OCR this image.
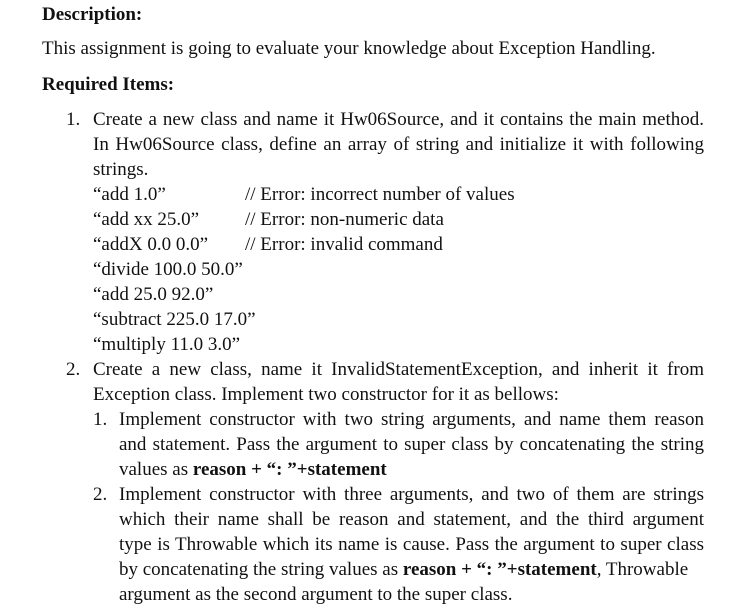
Description:
This assignment is going to evaluate your knowledge about Exception Handling.
Required Items:
1. Create a new class and name it Hw06Source, and it contains the main method.
In Hw06Source class, define an array of string and initialize it with following
strings.
“add 1.0”	// Error: incorrect number of values
“add xx 25.0” // Error: non-numeric data
“addX 0.0 0.0” // Error: invalid command
“divide 100.0 50.0”
“add 25.0 92.0”
“subtract 225.0 17.0”
“multiply 11.0 3.0”
2. Create a new class, name it InvalidStatementException, and inherit it from
Exception class. Implement two constructor for it as bellows:
1. Implement constructor with two string arguments, and name them reason
and statement. Pass the argument to super class by concatenating the string
values as reason + “: ”+statement
2. Implement constructor with three arguments, and two of them are strings
which their name shall be reason and statement, and the third argument
type is Throwable which its name is cause. Pass the argument to super class
by concatenating the string values as reason + “: ”+statement, Throwable
argument as the second argument to the super class.
